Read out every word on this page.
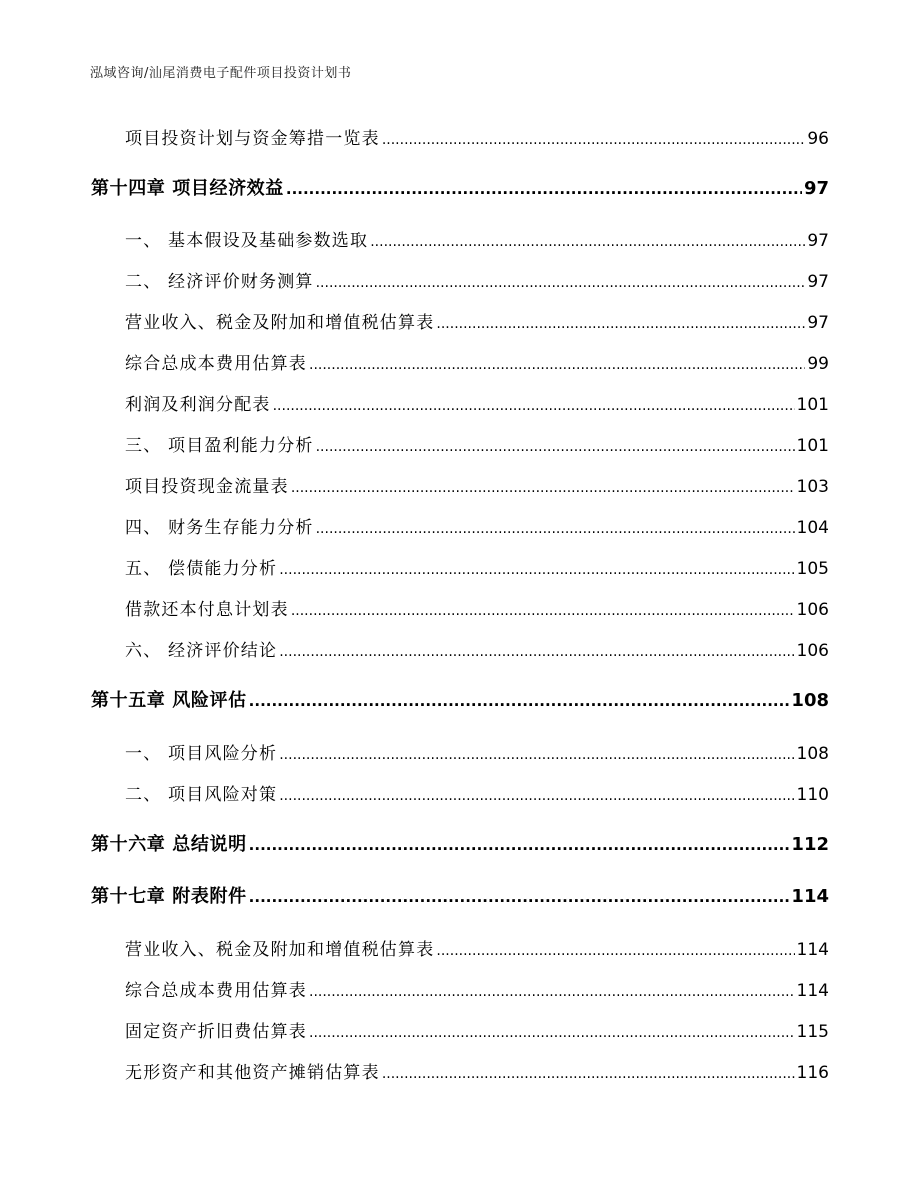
泓域咨询/汕尾消费电子配件项目投资计划书
项目投资计划与资金筹措一览表 .....	96
第十四章 项目经济效益 .....	97
一、 基本假设及基础参数选取 .....	97
二、 经济评价财务测算 .....	97
营业收入、税金及附加和增值税估算表 .....	97
综合总成本费用估算表 .....	99
利润及利润分配表 .....	101
三、 项目盈利能力分析 .....	101
项目投资现金流量表 .....	103
四、 财务生存能力分析 .....	104
五、 偿债能力分析 .....	105
借款还本付息计划表 .....	106
六、 经济评价结论 .....	106
第十五章 风险评估 .....	108
一、 项目风险分析 .....	108
二、 项目风险对策 .....	110
第十六章 总结说明 .....	112
第十七章 附表附件 .....	114
营业收入、税金及附加和增值税估算表 .....	114
综合总成本费用估算表 .....	114
固定资产折旧费估算表 .....	115
无形资产和其他资产摊销估算表 .....	116
